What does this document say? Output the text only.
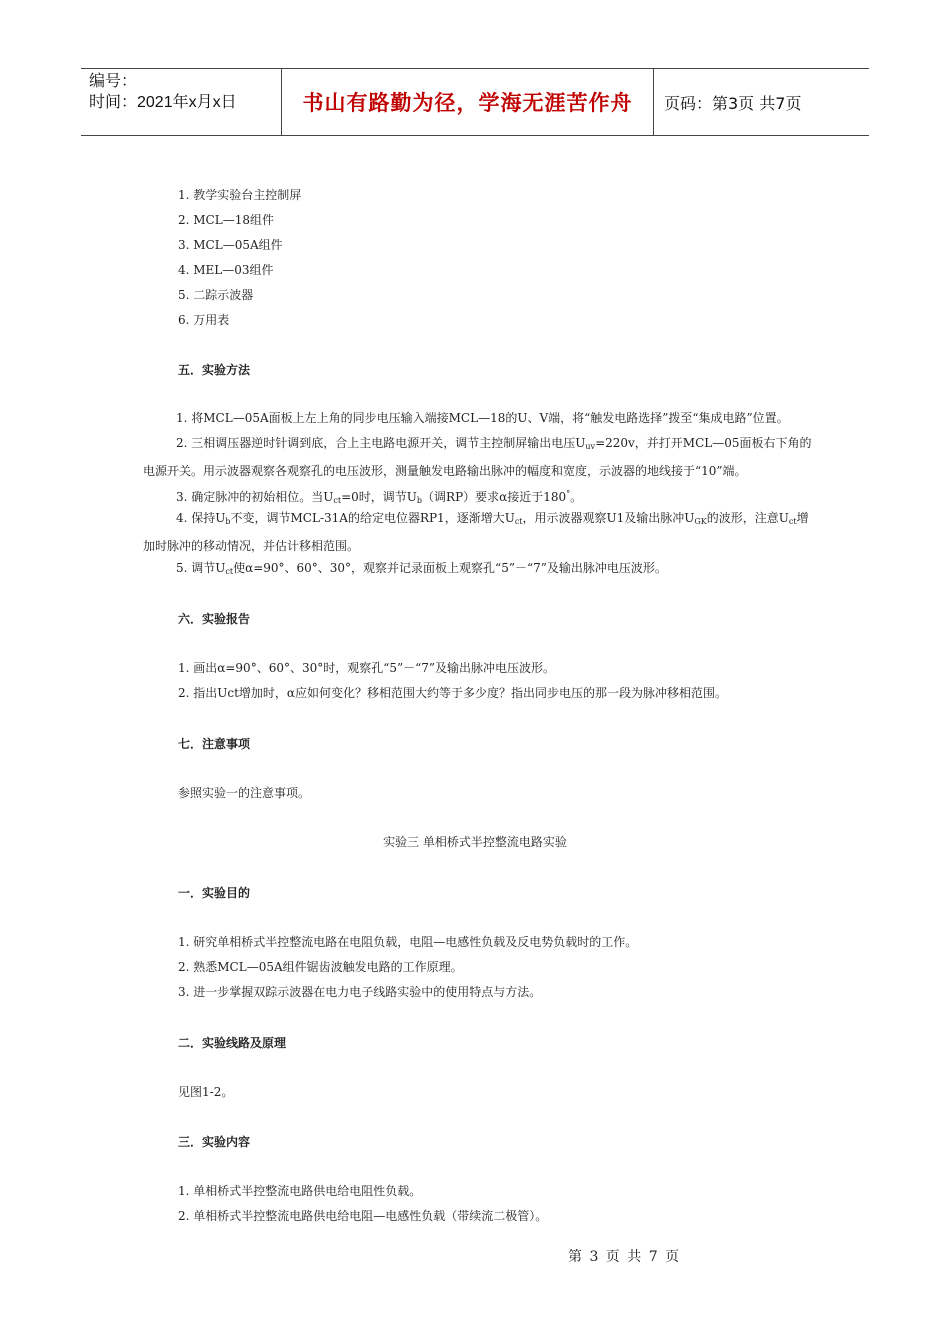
编号：
时间：2021年x月x日	书山有路勤为径，学海无涯苦作舟	页码：第3页 共7页
1. 教学实验台主控制屏
2. MCL—18组件
3. MCL—05A组件
4. MEL—03组件
5. 二踪示波器
6. 万用表
五．实验方法
1. 将MCL—05A面板上左上角的同步电压输入端接MCL—18的U、V端，将“触发电路选择”拨至“集成电路”位置。
2. 三相调压器逆时针调到底，合上主电路电源开关，调节主控制屏输出电压$U_{uv}=220v$，并打开MCL—05面板右下角的电源开关。用示波器观察各观察孔的电压波形，测量触发电路输出脉冲的幅度和宽度，示波器的地线接于“10”端。
3. 确定脉冲的初始相位。当$U_{ct}=0$时，调节$U_b$（调RP）要求α接近于180°。
4. 保持$U_b$不变，调节MCL-31A的给定电位器RP1，逐渐增大$U_{ct}$，用示波器观察U1及输出脉冲$U_{GK}$的波形，注意$U_{ct}$增加时脉冲的移动情况，并估计移相范围。
5. 调节$U_{ct}$使α=90°、60°、30°，观察并记录面板上观察孔“5”－“7”及输出脉冲电压波形。
六．实验报告
1. 画出α=90°、60°、30°时，观察孔“5”－“7”及输出脉冲电压波形。
2. 指出Uct增加时，α应如何变化？移相范围大约等于多少度？指出同步电压的那一段为脉冲移相范围。
七．注意事项
参照实验一的注意事项。
实验三 单相桥式半控整流电路实验
一．实验目的
1. 研究单相桥式半控整流电路在电阻负载，电阻—电感性负载及反电势负载时的工作。
2. 熟悉MCL—05A组件锯齿波触发电路的工作原理。
3. 进一步掌握双踪示波器在电力电子线路实验中的使用特点与方法。
二．实验线路及原理
见图1-2。
三．实验内容
1. 单相桥式半控整流电路供电给电阻性负载。
2. 单相桥式半控整流电路供电给电阻—电感性负载（带续流二极管）。
第 3 页 共 7 页
